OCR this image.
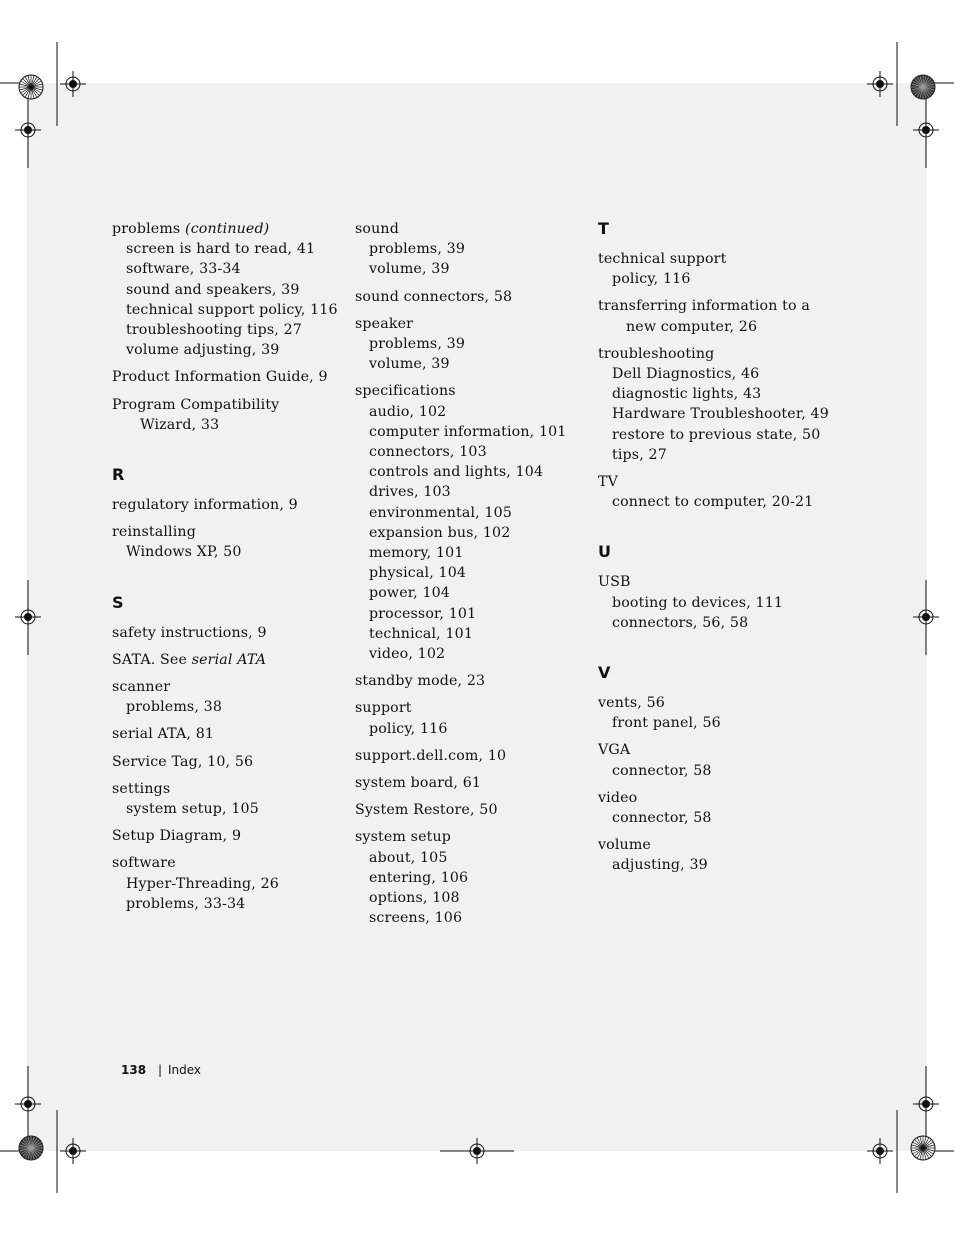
problems (continued)
screen is hard to read, 41
software, 33-34
sound and speakers, 39
technical support policy, 116
troubleshooting tips, 27
volume adjusting, 39
Product Information Guide, 9
Program Compatibility
Wizard, 33
R
regulatory information, 9
reinstalling
Windows XP, 50
S
safety instructions, 9
SATA. See serial ATA
scanner
problems, 38
serial ATA, 81
Service Tag, 10, 56
settings
system setup, 105
Setup Diagram, 9
software
Hyper-Threading, 26
problems, 33-34
sound
problems, 39
volume, 39
sound connectors, 58
speaker
problems, 39
volume, 39
specifications
audio, 102
computer information, 101
connectors, 103
controls and lights, 104
drives, 103
environmental, 105
expansion bus, 102
memory, 101
physical, 104
power, 104
processor, 101
technical, 101
video, 102
standby mode, 23
support
policy, 116
support.dell.com, 10
system board, 61
System Restore, 50
system setup
about, 105
entering, 106
options, 108
screens, 106
T
technical support
policy, 116
transferring information to a
new computer, 26
troubleshooting
Dell Diagnostics, 46
diagnostic lights, 43
Hardware Troubleshooter, 49
restore to previous state, 50
tips, 27
TV
connect to computer, 20-21
U
USB
booting to devices, 111
connectors, 56, 58
V
vents, 56
front panel, 56
VGA
connector, 58
video
connector, 58
volume
adjusting, 39
138 | Index
